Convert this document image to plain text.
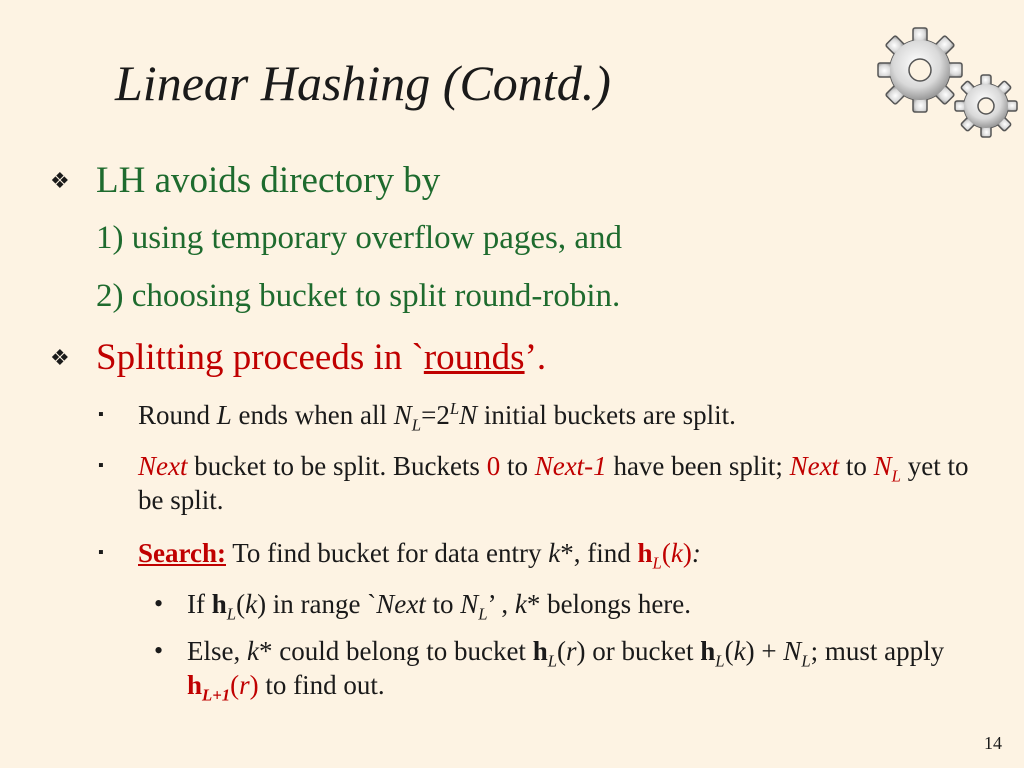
Linear Hashing (Contd.)
❖ LH avoids directory by
1) using temporary overflow pages, and
2) choosing bucket to split round-robin.
❖ Splitting proceeds in `rounds’.
▪ Round L ends when all $N_L=2^LN$ initial buckets are split.
▪ Next bucket to be split. Buckets 0 to Next-1 have been split; Next to $N_L$ yet to be split.
▪ Search: To find bucket for data entry k*, find $h_L(k)$:
• If $h_L(k)$ in range `Next to $N_L$’ , k* belongs here.
• Else, k* could belong to bucket $h_L(r)$ or bucket $h_L(k) + N_L$; must apply $h_{L+1}(r)$ to find out.
14
